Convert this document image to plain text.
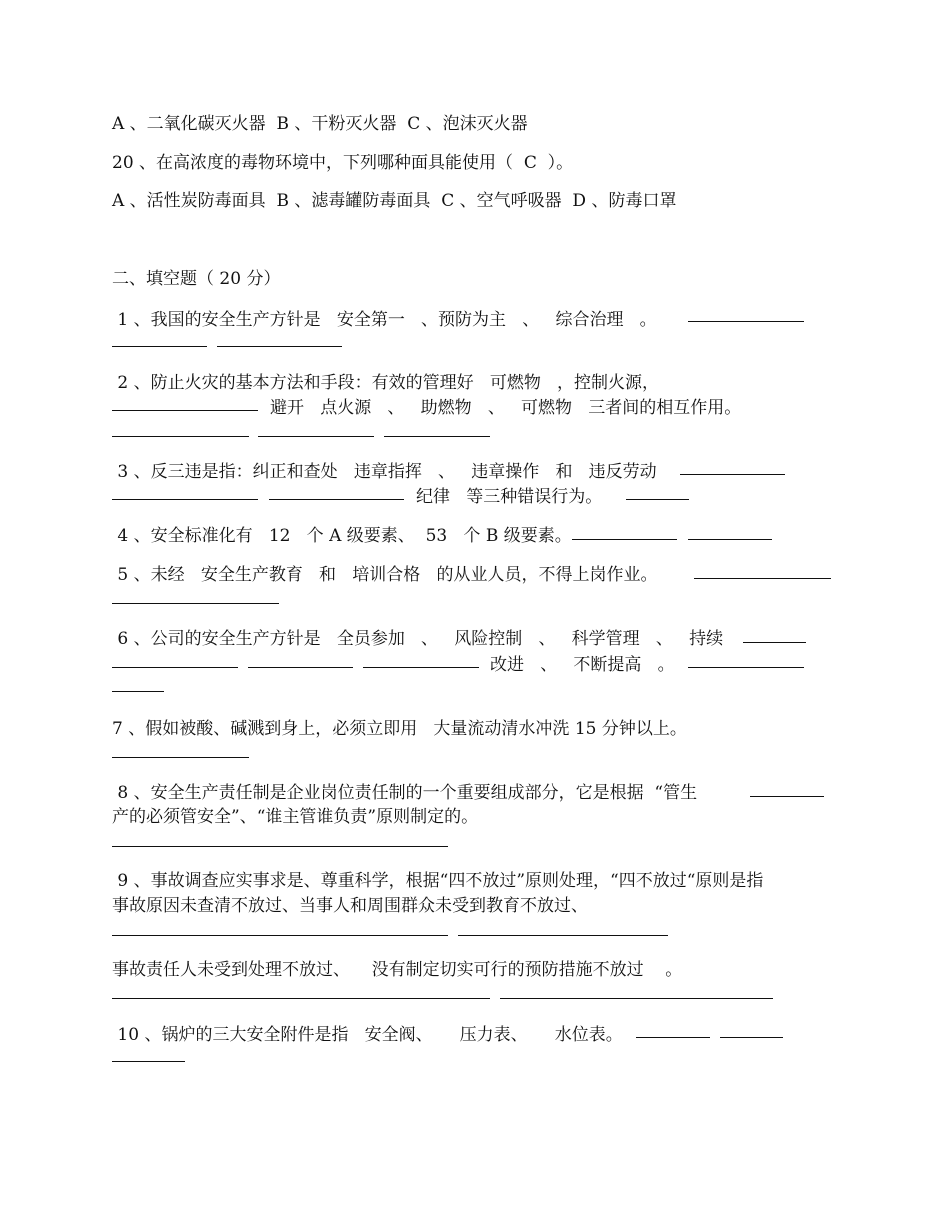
A 、二氧化碳灭火器  B 、干粉灭火器  C 、泡沫灭火器
20 、在高浓度的毒物环境中，下列哪种面具能使用（  C  ）。
A 、活性炭防毒面具  B 、滤毒罐防毒面具  C 、空气呼吸器  D 、防毒口罩
二、填空题（ 20 分）
1 、我国的安全生产方针是   安全第一   、预防为主   、   综合治理   。
2 、防止火灾的基本方法和手段：有效的管理好   可燃物   ，控制火源，
避开   点火源   、   助燃物   、   可燃物   三者间的相互作用。
3 、反三违是指：纠正和查处   违章指挥   、   违章操作   和   违反劳动
纪律   等三种错误行为。
4 、安全标准化有   12   个 A 级要素、  53   个 B 级要素。
5 、未经   安全生产教育   和   培训合格   的从业人员，不得上岗作业。
6 、公司的安全生产方针是   全员参加   、   风险控制   、   科学管理   、   持续
改进   、   不断提高   。
7 、假如被酸、碱溅到身上，必须立即用   大量流动清水冲洗 15 分钟以上。
8 、安全生产责任制是企业岗位责任制的一个重要组成部分，它是根据  “管生
产的必须管安全”、“谁主管谁负责”原则制定的。
9 、事故调查应实事求是、尊重科学，根据“四不放过”原则处理，“四不放过“原则是指
事故原因未查清不放过、当事人和周围群众未受到教育不放过、
事故责任人未受到处理不放过、    没有制定切实可行的预防措施不放过    。
10 、锅炉的三大安全附件是指   安全阀、     压力表、     水位表。
